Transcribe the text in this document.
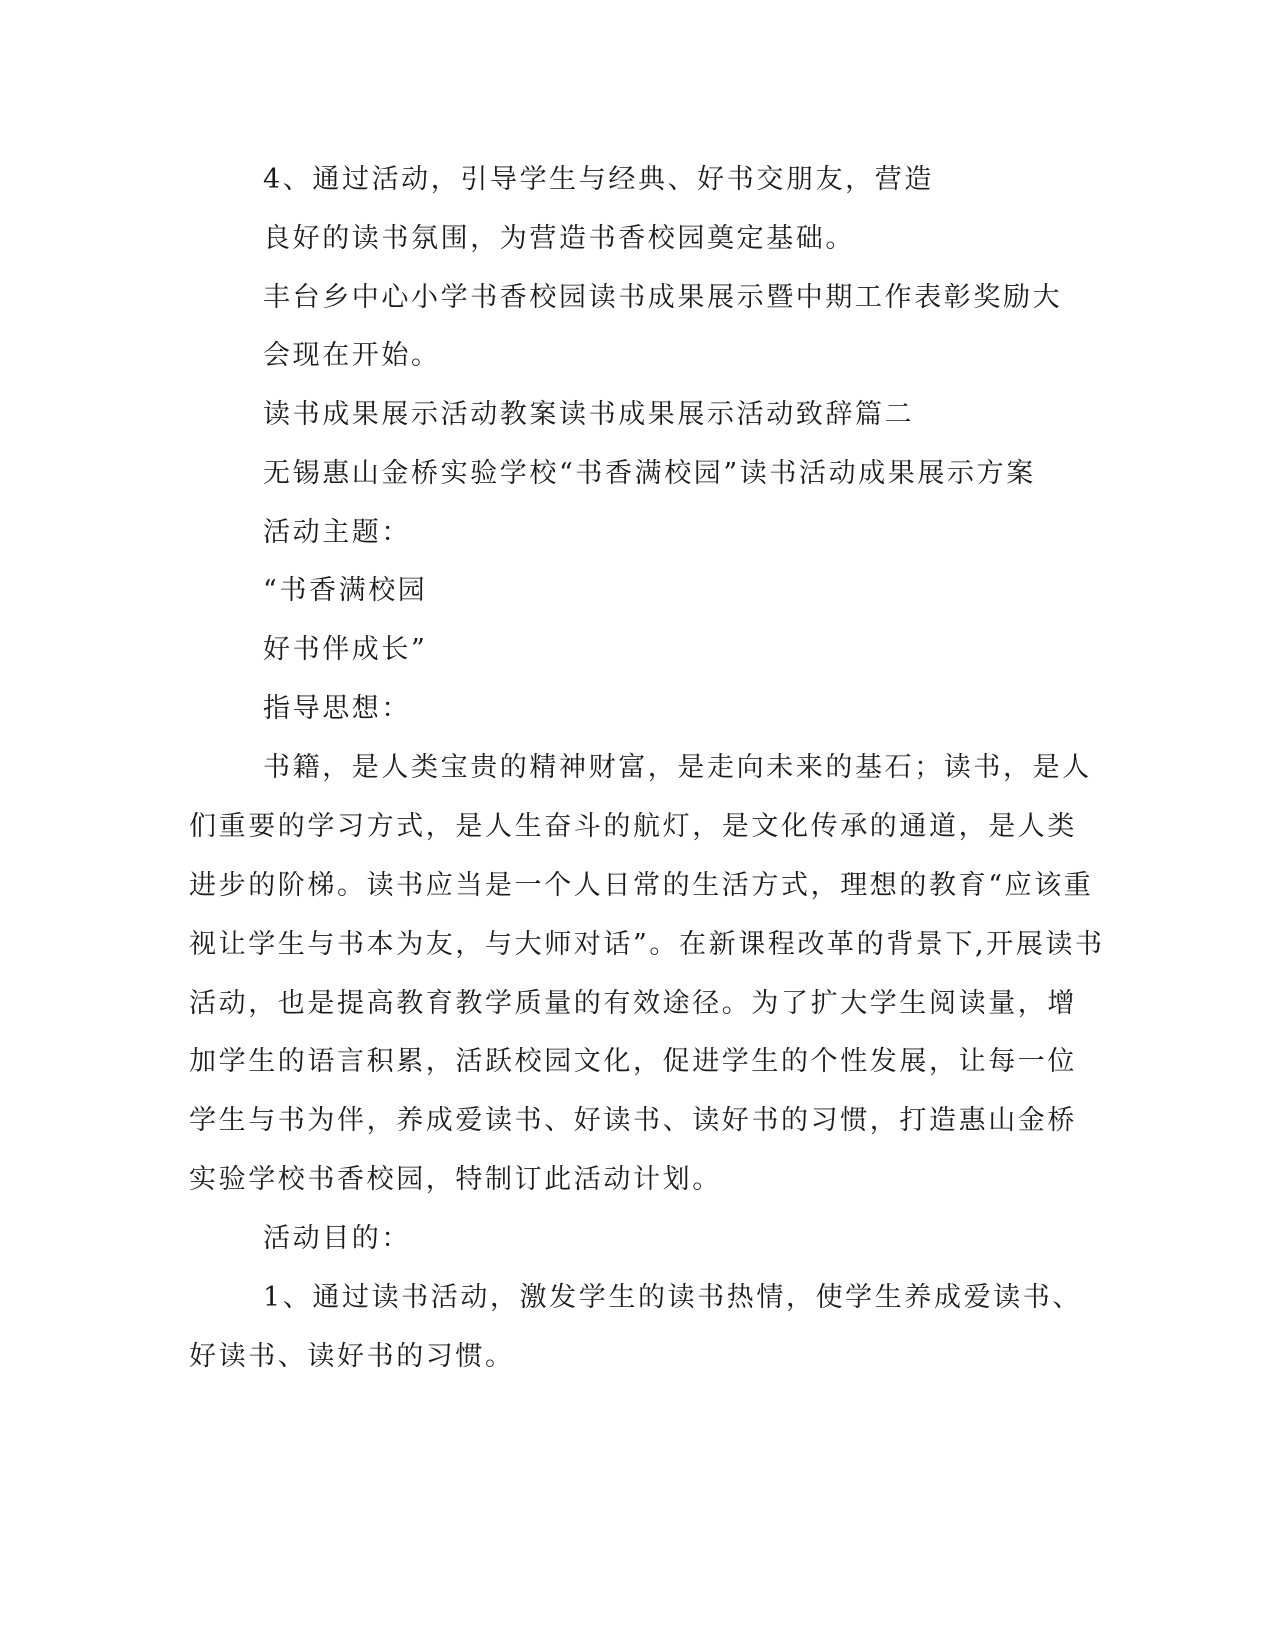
4、通过活动，引导学生与经典、好书交朋友，营造

良好的读书氛围，为营造书香校园奠定基础。

丰台乡中心小学书香校园读书成果展示暨中期工作表彰奖励大

会现在开始。

读书成果展示活动教案读书成果展示活动致辞篇二

无锡惠山金桥实验学校“书香满校园”读书活动成果展示方案

活动主题：

“书香满校园

好书伴成长”

指导思想：

书籍，是人类宝贵的精神财富，是走向未来的基石；读书，是人

们重要的学习方式，是人生奋斗的航灯，是文化传承的通道，是人类

进步的阶梯。读书应当是一个人日常的生活方式，理想的教育“应该重

视让学生与书本为友，与大师对话”。在新课程改革的背景下,开展读书

活动，也是提高教育教学质量的有效途径。为了扩大学生阅读量，增

加学生的语言积累，活跃校园文化，促进学生的个性发展，让每一位

学生与书为伴，养成爱读书、好读书、读好书的习惯，打造惠山金桥

实验学校书香校园，特制订此活动计划。

活动目的：

1、通过读书活动，激发学生的读书热情，使学生养成爱读书、

好读书、读好书的习惯。
